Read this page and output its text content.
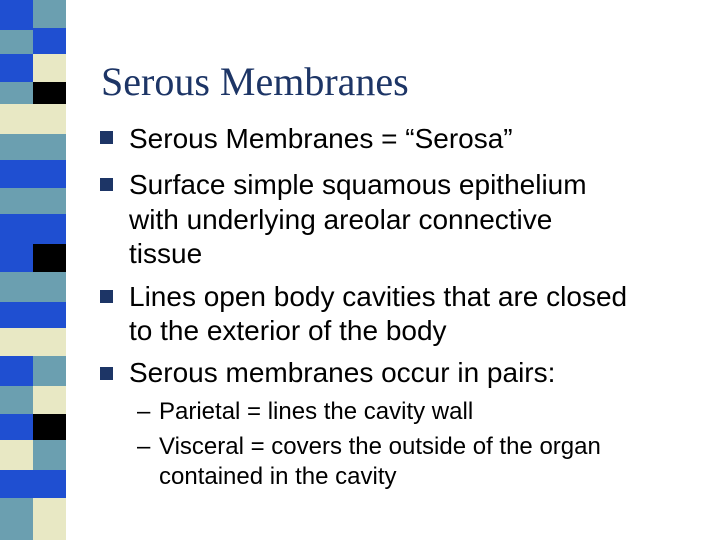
Serous Membranes
Serous Membranes = “Serosa”
Surface simple squamous epithelium
with underlying areolar connective
tissue
Lines open body cavities that are closed
to the exterior of the body
Serous membranes occur in pairs:
– Parietal = lines the cavity wall
– Visceral = covers the outside of the organ
contained in the cavity
